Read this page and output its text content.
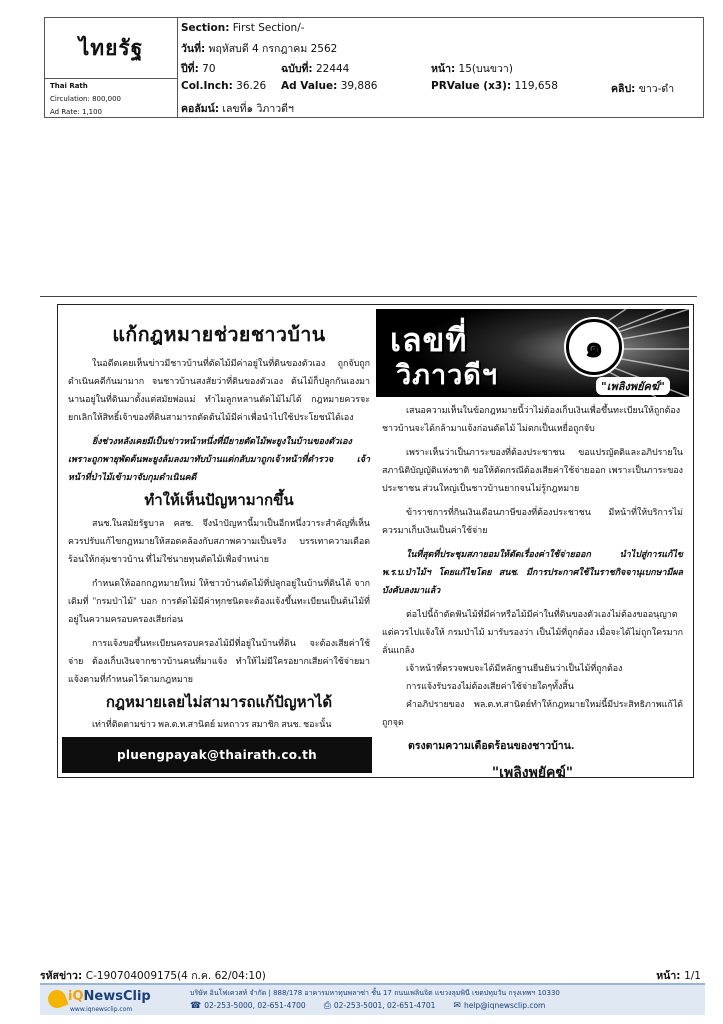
ไทยรัฐ
Thai Rath
Circulation: 800,000
Ad Rate: 1,100
Section: First Section/-
วันที่: พฤหัสบดี 4 กรกฎาคม 2562
ปีที่: 70	ฉบับที่: 22444	หน้า: 15(บนขวา)
Col.Inch: 36.26 Ad Value: 39,886	PRValue (x3): 119,658	คลิป: ขาว-ดำ
คอลัมน์: เลขที่๑ วิภาวดีฯ
แก้กฎหมายช่วยชาวบ้าน

ในอดีตเคยเห็นข่าวมีชาวบ้านที่ตัดไม้มีค่าอยู่ในที่ดินของตัวเอง ถูกจับถูกดำเนินคดีกันมามาก จนชาวบ้านสงสัยว่าที่ดินของตัวเอง ต้นไม้ก็ปลูกกันเองมานานอยู่ในที่ดินมาตั้งแต่สมัยพ่อแม่ ทำไมลูกหลานตัดไม้ไม่ได้ กฎหมายควรจะยกเลิกให้สิทธิ์เจ้าของที่ดินสามารถตัดต้นไม้มีค่าเพื่อนำไปใช้ประโยชน์ได้เอง

ยิ่งช่วงหลังเคยมีเป็นข่าวหน้าหนึ่งที่มียายตัดไม้พะยูงในบ้านของตัวเองเพราะถูกพายุพัดต้นพะยูงล้มลงมาทับบ้านแต่กลับมาถูกเจ้าหน้าที่ตำรวจ เจ้าหน้าที่ป่าไม้เข้ามาจับกุมดำเนินคดี

ทำให้เห็นปัญหามากขึ้น

สนช.ในสมัยรัฐบาล คสช. จึงนำปัญหานี้มาเป็นอีกหนึ่งวาระสำคัญที่เห็นควรปรับแก้ไขกฎหมายให้สอดคล้องกับสภาพความเป็นจริง บรรเทาความเดือดร้อนให้กลุ่มชาวบ้าน ที่ไม่ใช่นายทุนตัดไม้เพื่อจำหน่าย

กำหนดให้ออกกฎหมายใหม่ ให้ชาวบ้านตัดไม้ที่ปลูกอยู่ในบ้านที่ดินได้ จากเดิมที่ "กรมป่าไม้" บอก การตัดไม้มีค่าทุกชนิดจะต้องแจ้งขึ้นทะเบียนเป็นต้นไม้ที่อยู่ในความครอบครองเสียก่อน

การแจ้งขอขึ้นทะเบียนครอบครองไม้มีที่อยู่ในบ้านที่ดิน จะต้องเสียค่าใช้จ่าย ต้องเก็บเงินจากชาวบ้านคนที่มาแจ้ง ทำให้ไม่มีใครอยากเสียค่าใช้จ่ายมาแจ้งตามที่กำหนดไว้ตามกฎหมาย

กฎหมายเลยไม่สามารถแก้ปัญหาได้

เท่าที่ติดตามข่าว พล.ต.ท.สานิตย์ มหถาวร สมาชิก สนช. ชอะนั้น

pluengpayak@thairath.co.th
เลขที่	๑
วิภาวดีฯ	"เพลิงพยัคฆ์"

เสนอความเห็นในข้อกฎหมายนี้ว่าไม่ต้องเก็บเงินเพื่อขึ้นทะเบียนให้ถูกต้อง ชาวบ้านจะได้กล้ามาแจ้งก่อนตัดไม้ ไม่ตกเป็นเหยื่อถูกจับ

เพราะเห็นว่าเป็นภาระของที่ต้องประชาชน ขอแปรญัตติและอภิปรายในสภานิติบัญญัติแห่งชาติ ขอให้ตัดกรณีต้องเสียค่าใช้จ่ายออก เพราะเป็นภาระของประชาชน ส่วนใหญ่เป็นชาวบ้านยากจนไม่รู้กฎหมาย

ข้าราชการที่กินเงินเดือนภาษีของที่ต้องประชาชน มีหน้าที่ให้บริการไม่ควรมาเก็บเงินเป็นค่าใช้จ่าย

ในที่สุดที่ประชุมสภายอมให้ตัดเรื่องค่าใช้จ่ายออก นำไปสู่การแก้ไข พ.ร.บ.ป่าไม้ฯ โดยแก้ไขโดย สนช. มีการประกาศใช้ในราชกิจจานุเบกษามีผลบังคับลงมาแล้ว

ต่อไปนี้ถ้าตัดฟันไม้ที่มีค่าหรือไม้มีค่าในที่ดินของตัวเองไม่ต้องขออนุญาต แต่ควรไปแจ้งให้ กรมป่าไม้ มารับรองว่า เป็นไม้ที่ถูกต้อง เมื่อจะได้ไม่ถูกใครมากลั่นแกล้ง

เจ้าหน้าที่ตรวจพบจะได้มีหลักฐานยืนยันว่าเป็นไม้ที่ถูกต้อง

การแจ้งรับรองไม่ต้องเสียค่าใช้จ่ายใดๆทั้งสิ้น

คำอภิปรายของ พล.ต.ท.สานิตย์ทำให้กฎหมายใหม่นี้มีประสิทธิภาพแก้ได้ถูกจุด

ตรงตามความเดือดร้อนของชาวบ้าน.
"เพลิงพยัคฆ์"
รหัสข่าว: C-190704009175(4 ก.ค. 62/04:10)	หน้า: 1/1
iQNewsClip
www.iqnewsclip.com
บริษัท อินโฟเควสท์ จำกัด | 888/178 อาคารมหาทุนพลาซ่า ชั้น 17 ถนนเพลินจิต แขวงลุมพินี เขตปทุมวัน กรุงเทพฯ 10330
☎ 02-253-5000, 02-651-4700 ⎙ 02-253-5001, 02-651-4701 ✉ help@iqnewsclip.com
